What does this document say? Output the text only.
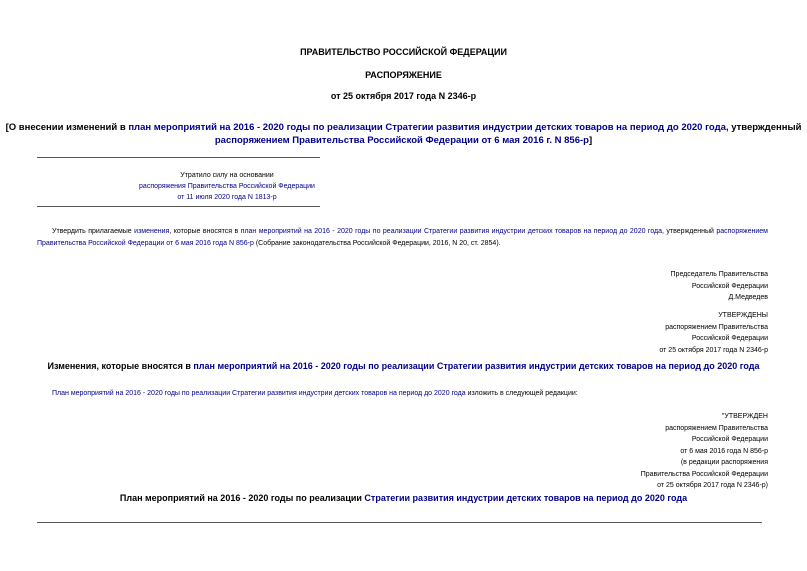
ПРАВИТЕЛЬСТВО РОССИЙСКОЙ ФЕДЕРАЦИИ
РАСПОРЯЖЕНИЕ
от 25 октября 2017 года N 2346-р
[О внесении изменений в план мероприятий на 2016 - 2020 годы по реализации Стратегии развития индустрии детских товаров на период до 2020 года, утвержденный
распоряжением Правительства Российской Федерации от 6 мая 2016 г. N 856-р]
Утратило силу на основании
распоряжения Правительства Российской Федерации
от 11 июля 2020 года N 1813-р
Утвердить прилагаемые изменения, которые вносятся в план мероприятий на 2016 - 2020 годы по реализации Стратегии развития индустрии детских товаров на период до 2020 года, утвержденный распоряжением Правительства Российской Федерации от 6 мая 2016 года N 856-р (Собрание законодательства Российской Федерации, 2016, N 20, ст. 2854).
Председатель Правительства
Российской Федерации
Д.Медведев
УТВЕРЖДЕНЫ
распоряжением Правительства
Российской Федерации
от 25 октября 2017 года N 2346-р
Изменения, которые вносятся в план мероприятий на 2016 - 2020 годы по реализации Стратегии развития индустрии детских товаров на период до 2020 года
План мероприятий на 2016 - 2020 годы по реализации Стратегии развития индустрии детских товаров на период до 2020 года изложить в следующей редакции:
"УТВЕРЖДЕН
распоряжением Правительства
Российской Федерации
от 6 мая 2016 года N 856-р
(в редакции распоряжения
Правительства Российской Федерации
от 25 октября 2017 года N 2346-р)
План мероприятий на 2016 - 2020 годы по реализации Стратегии развития индустрии детских товаров на период до 2020 года
